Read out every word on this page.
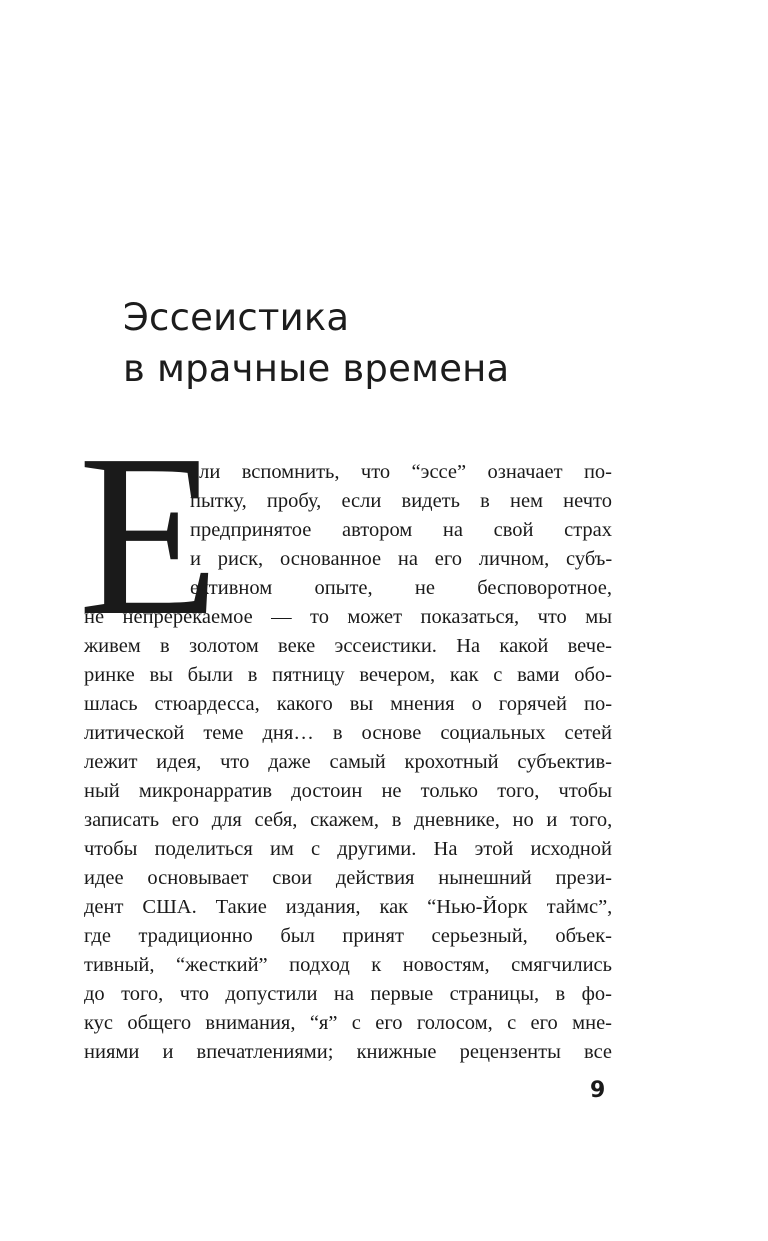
Эссеистика
в мрачные времена
Е
сли вспомнить, что “эссе” означает по-
пытку, пробу, если видеть в нем нечто
предпринятое автором на свой страх
и риск, основанное на его личном, субъ-
ективном опыте, не бесповоротное,
не непререкаемое — то может показаться, что мы
живем в золотом веке эссеистики. На какой вече-
ринке вы были в пятницу вечером, как с вами обо-
шлась стюардесса, какого вы мнения о горячей по-
литической теме дня… в основе социальных сетей
лежит идея, что даже самый крохотный субъектив-
ный микронарратив достоин не только того, чтобы
записать его для себя, скажем, в дневнике, но и того,
чтобы поделиться им с другими. На этой исходной
идее основывает свои действия нынешний прези-
дент США. Такие издания, как “Нью-Йорк таймс”,
где традиционно был принят серьезный, объек-
тивный, “жесткий” подход к новостям, смягчились
до того, что допустили на первые страницы, в фо-
кус общего внимания, “я” с его голосом, с его мне-
ниями и впечатлениями; книжные рецензенты все
9
